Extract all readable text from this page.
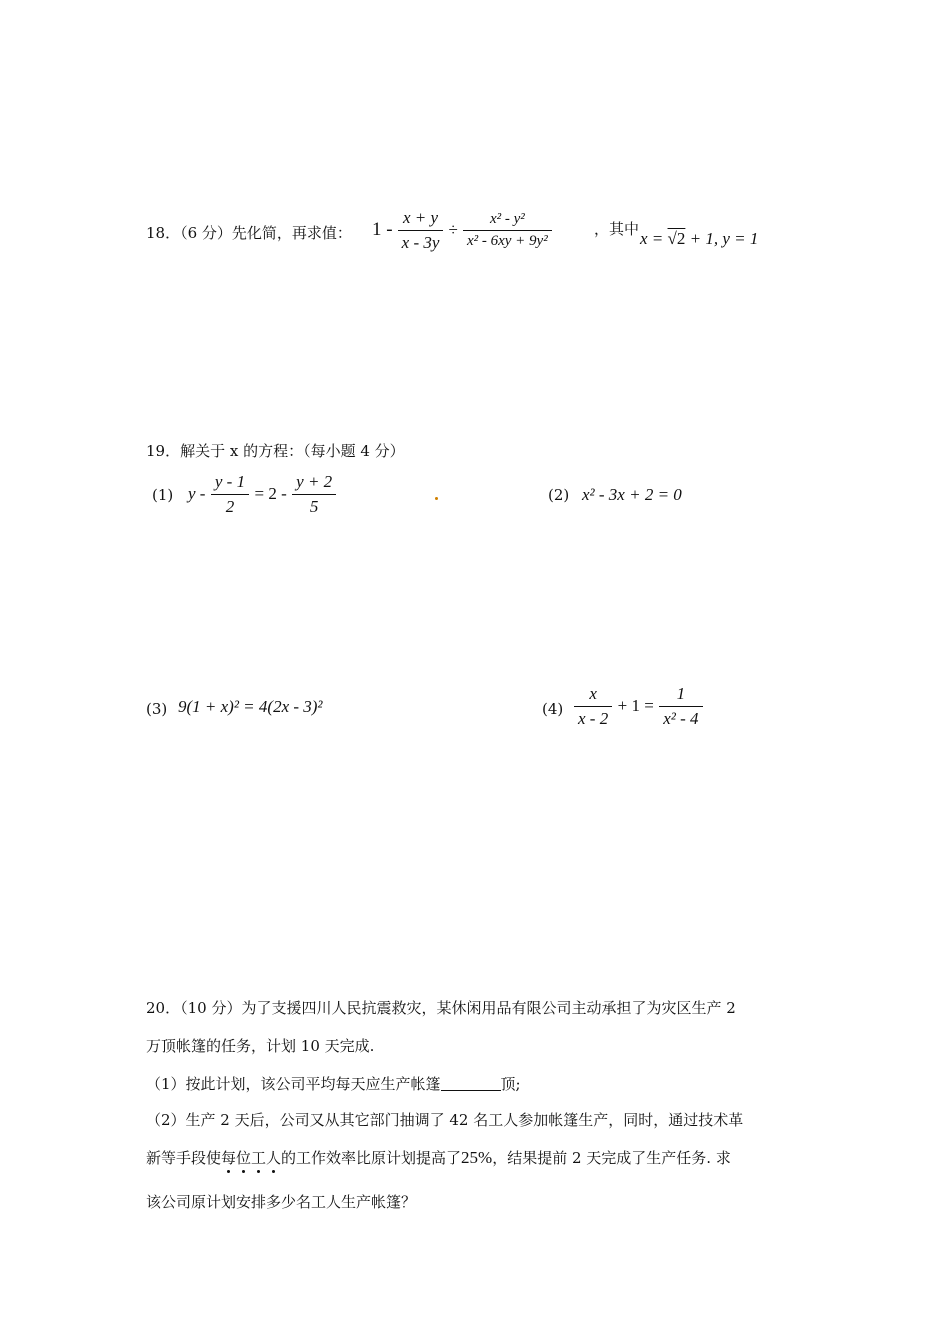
18．（6 分）先化简，再求值： $1 - \frac{x + y}{x - 3y} \div \frac{\text{x² - y²}}{\text{x² - 6xy + 9y²}}$	，其中 x = √2 + 1, y = 1
19．解关于 x 的方程：（每小题 4 分）
(1) $y - \frac{y - 1}{2} = 2 - \frac{y + 2}{5}$	(2) x² - 3x + 2 = 0
(3) 9(1 + x)² = 4(2x - 3)²	$(4) \frac{x}{x - 2} + 1 = \frac{1}{\text{x² - 4}}$
20．（10 分）为了支援四川人民抗震救灾，某休闲用品有限公司主动承担了为灾区生产 2
万顶帐篷的任务，计划 10 天完成.
（1）按此计划，该公司平均每天应生产帐篷	顶;
（2）生产 2 天后，公司又从其它部门抽调了 42 名工人参加帐篷生产，同时，通过技术革
新等手段使每位工人
的工作效率比原计划提高了25%，结果提前 2 天完成了生产任务. 求
该公司原计划安排多少名工人生产帐篷？
